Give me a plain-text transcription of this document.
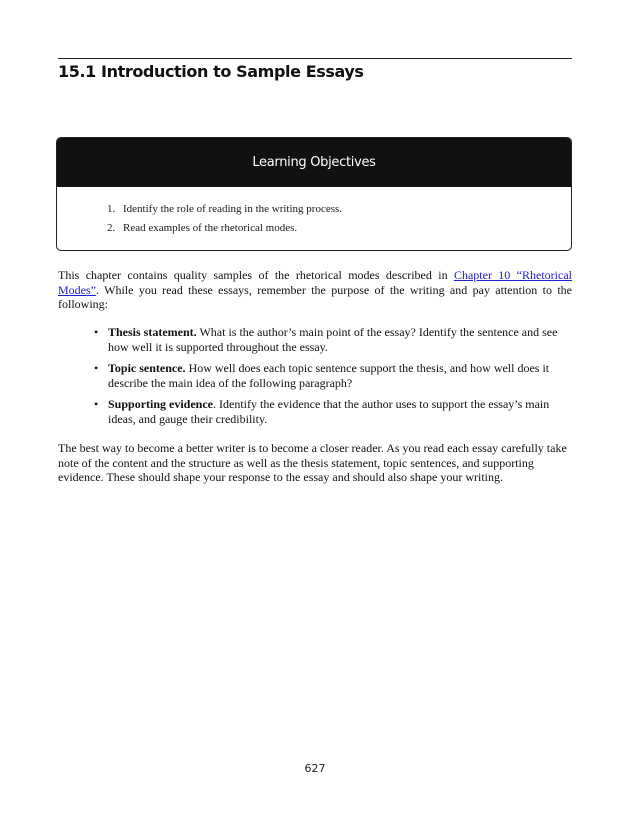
15.1 Introduction to Sample Essays
Learning Objectives
1. Identify the role of reading in the writing process.
2. Read examples of the rhetorical modes.

This chapter contains quality samples of the rhetorical modes described in Chapter 10 “Rhetorical Modes”. While you read these essays, remember the purpose of the writing and pay attention to the following:

• Thesis statement. What is the author’s main point of the essay? Identify the sentence and see how well it is supported throughout the essay.
• Topic sentence. How well does each topic sentence support the thesis, and how well does it describe the main idea of the following paragraph?
• Supporting evidence. Identify the evidence that the author uses to support the essay’s main ideas, and gauge their credibility.

The best way to become a better writer is to become a closer reader. As you read each essay carefully take note of the content and the structure as well as the thesis statement, topic sentences, and supporting evidence. These should shape your response to the essay and should also shape your writing.

627
